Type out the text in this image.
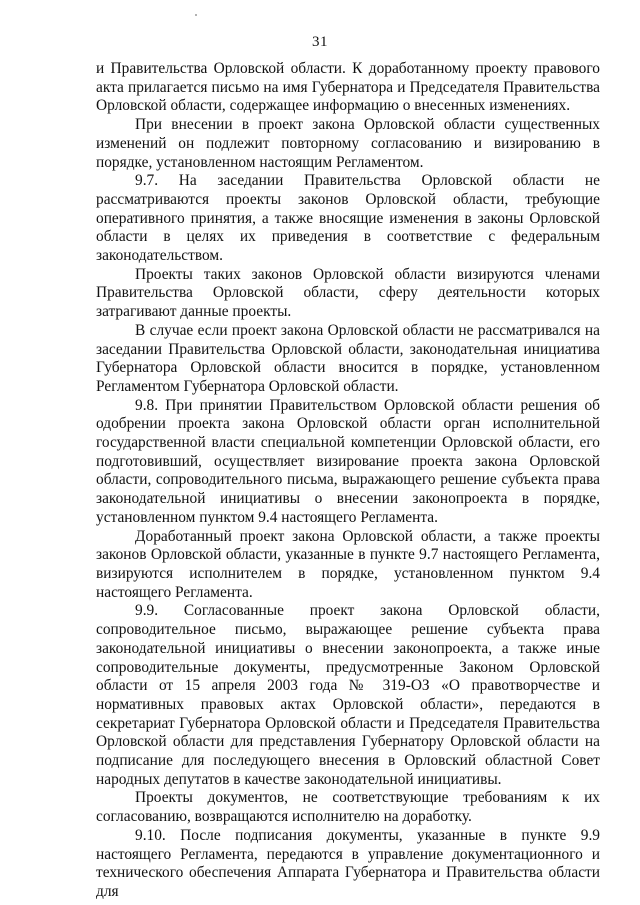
31

и Правительства Орловской области. К доработанному проекту правового акта прилагается письмо на имя Губернатора и Председателя Правительства Орловской области, содержащее информацию о внесенных изменениях.

При внесении в проект закона Орловской области существенных изменений он подлежит повторному согласованию и визированию в порядке, установленном настоящим Регламентом.

9.7. На заседании Правительства Орловской области не рассматриваются проекты законов Орловской области, требующие оперативного принятия, а также вносящие изменения в законы Орловской области в целях их приведения в соответствие с федеральным законодательством.

Проекты таких законов Орловской области визируются членами Правительства Орловской области, сферу деятельности которых затрагивают данные проекты.

В случае если проект закона Орловской области не рассматривался на заседании Правительства Орловской области, законодательная инициатива Губернатора Орловской области вносится в порядке, установленном Регламентом Губернатора Орловской области.

9.8. При принятии Правительством Орловской области решения об одобрении проекта закона Орловской области орган исполнительной государственной власти специальной компетенции Орловской области, его подготовивший, осуществляет визирование проекта закона Орловской области, сопроводительного письма, выражающего решение субъекта права законодательной инициативы о внесении законопроекта в порядке, установленном пунктом 9.4 настоящего Регламента.

Доработанный проект закона Орловской области, а также проекты законов Орловской области, указанные в пункте 9.7 настоящего Регламента, визируются исполнителем в порядке, установленном пунктом 9.4 настоящего Регламента.

9.9. Согласованные проект закона Орловской области, сопроводительное письмо, выражающее решение субъекта права законодательной инициативы о внесении законопроекта, а также иные сопроводительные документы, предусмотренные Законом Орловской области от 15 апреля 2003 года № 319-ОЗ «О правотворчестве и нормативных правовых актах Орловской области», передаются в секретариат Губернатора Орловской области и Председателя Правительства Орловской области для представления Губернатору Орловской области на подписание для последующего внесения в Орловский областной Совет народных депутатов в качестве законодательной инициативы.

Проекты документов, не соответствующие требованиям к их согласованию, возвращаются исполнителю на доработку.

9.10. После подписания документы, указанные в пункте 9.9 настоящего Регламента, передаются в управление документационного и технического обеспечения Аппарата Губернатора и Правительства области для
